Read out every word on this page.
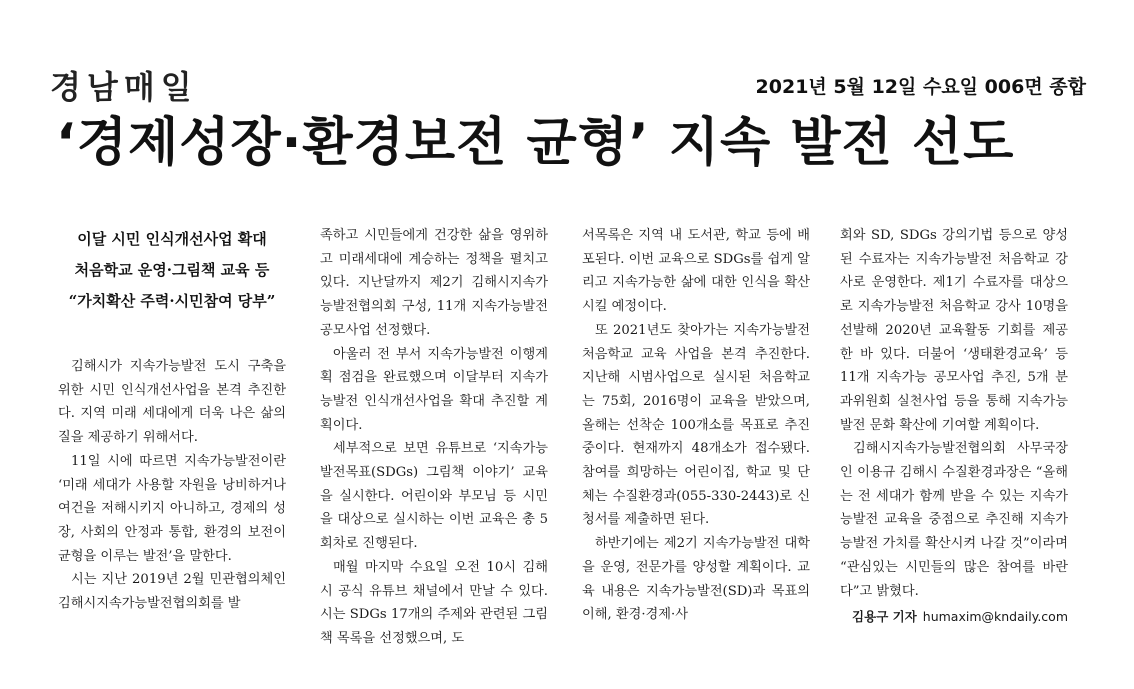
경남매일	2021년 5월 12일 수요일 006면 종합
‘경제성장·환경보전 균형’ 지속 발전 선도
이달 시민 인식개선사업 확대
처음학교 운영·그림책 교육 등
“가치확산 주력·시민참여 당부”

김해시가 지속가능발전 도시 구축을 위한 시민 인식개선사업을 본격 추진한다. 지역 미래 세대에게 더욱 나은 삶의 질을 제공하기 위해서다.

11일 시에 따르면 지속가능발전이란 ‘미래 세대가 사용할 자원을 낭비하거나 여건을 저해시키지 아니하고, 경제의 성장, 사회의 안정과 통합, 환경의 보전이 균형을 이루는 발전’을 말한다.

시는 지난 2019년 2월 민관협의체인 김해시지속가능발전협의회를 발

족하고 시민들에게 건강한 삶을 영위하고 미래세대에 계승하는 정책을 펼치고 있다. 지난달까지 제2기 김해시지속가능발전협의회 구성, 11개 지속가능발전 공모사업 선정했다.

아울러 전 부서 지속가능발전 이행계획 점검을 완료했으며 이달부터 지속가능발전 인식개선사업을 확대 추진할 계획이다.

세부적으로 보면 유튜브로 ‘지속가능발전목표(SDGs) 그림책 이야기’ 교육을 실시한다. 어린이와 부모님 등 시민을 대상으로 실시하는 이번 교육은 총 5회차로 진행된다.

매월 마지막 수요일 오전 10시 김해시 공식 유튜브 채널에서 만날 수 있다. 시는 SDGs 17개의 주제와 관련된 그림책 목록을 선정했으며, 도

서목록은 지역 내 도서관, 학교 등에 배포된다. 이번 교육으로 SDGs를 쉽게 알리고 지속가능한 삶에 대한 인식을 확산 시킬 예정이다.

또 2021년도 찾아가는 지속가능발전 처음학교 교육 사업을 본격 추진한다. 지난해 시범사업으로 실시된 처음학교는 75회, 2016명이 교육을 받았으며, 올해는 선착순 100개소를 목표로 추진 중이다. 현재까지 48개소가 접수됐다. 참여를 희망하는 어린이집, 학교 및 단체는 수질환경과(055-330-2443)로 신청서를 제출하면 된다.

하반기에는 제2기 지속가능발전 대학을 운영, 전문가를 양성할 계획이다. 교육 내용은 지속가능발전(SD)과 목표의 이해, 환경·경제·사

회와 SD, SDGs 강의기법 등으로 양성된 수료자는 지속가능발전 처음학교 강사로 운영한다. 제1기 수료자를 대상으로 지속가능발전 처음학교 강사 10명을 선발해 2020년 교육활동 기회를 제공한 바 있다. 더불어 ‘생태환경교육’ 등 11개 지속가능 공모사업 추진, 5개 분과위원회 실천사업 등을 통해 지속가능발전 문화 확산에 기여할 계획이다.

김해시지속가능발전협의회 사무국장인 이용규 김해시 수질환경과장은 “올해는 전 세대가 함께 받을 수 있는 지속가능발전 교육을 중점으로 추진해 지속가능발전 가치를 확산시켜 나갈 것”이라며 “관심있는 시민들의 많은 참여를 바란다”고 밝혔다.

김용구 기자 humaxim@kndaily.com
